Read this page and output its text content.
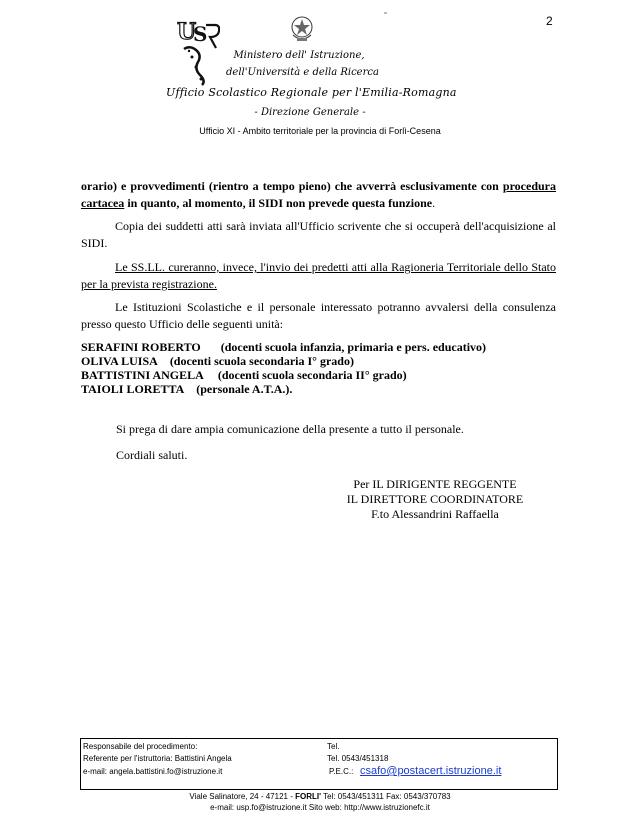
2
U
S
Ministero dell' Istruzione,
dell'Università e della Ricerca
Ufficio Scolastico Regionale per l'Emilia-Romagna
- Direzione Generale -
Ufficio XI - Ambito territoriale per la provincia di Forlì-Cesena
orario) e provvedimenti (rientro a tempo pieno) che avverrà esclusivamente con procedura cartacea in quanto, al momento, il SIDI non prevede questa funzione.
Copia dei suddetti atti sarà inviata all'Ufficio scrivente che si occuperà dell'acquisizione al SIDI.
Le SS.LL. cureranno, invece, l'invio dei predetti atti alla Ragioneria Territoriale dello Stato per la prevista registrazione.
Le Istituzioni Scolastiche e il personale interessato potranno avvalersi della consulenza presso questo Ufficio delle seguenti unità:
SERAFINI ROBERTO (docenti scuola infanzia, primaria e pers. educativo)
OLIVA LUISA (docenti scuola secondaria I° grado)
BATTISTINI ANGELA (docenti scuola secondaria II° grado)
TAIOLI LORETTA (personale A.T.A.).
Si prega di dare ampia comunicazione della presente a tutto il personale.
Cordiali saluti.
Per IL DIRIGENTE REGGENTE
IL DIRETTORE COORDINATORE
F.to Alessandrini Raffaella
Responsabile del procedimento:
Referente per l'istruttoria: Battistini Angela
e-mail: angela.battistini.fo@istruzione.it
Tel.
Tel. 0543/451318
P.E.C.: csafo@postacert.istruzione.it
Viale Salinatore, 24 - 47121 - FORLI' Tel: 0543/451311 Fax: 0543/370783
e-mail: usp.fo@istruzione.it Sito web: http://www.istruzionefc.it
